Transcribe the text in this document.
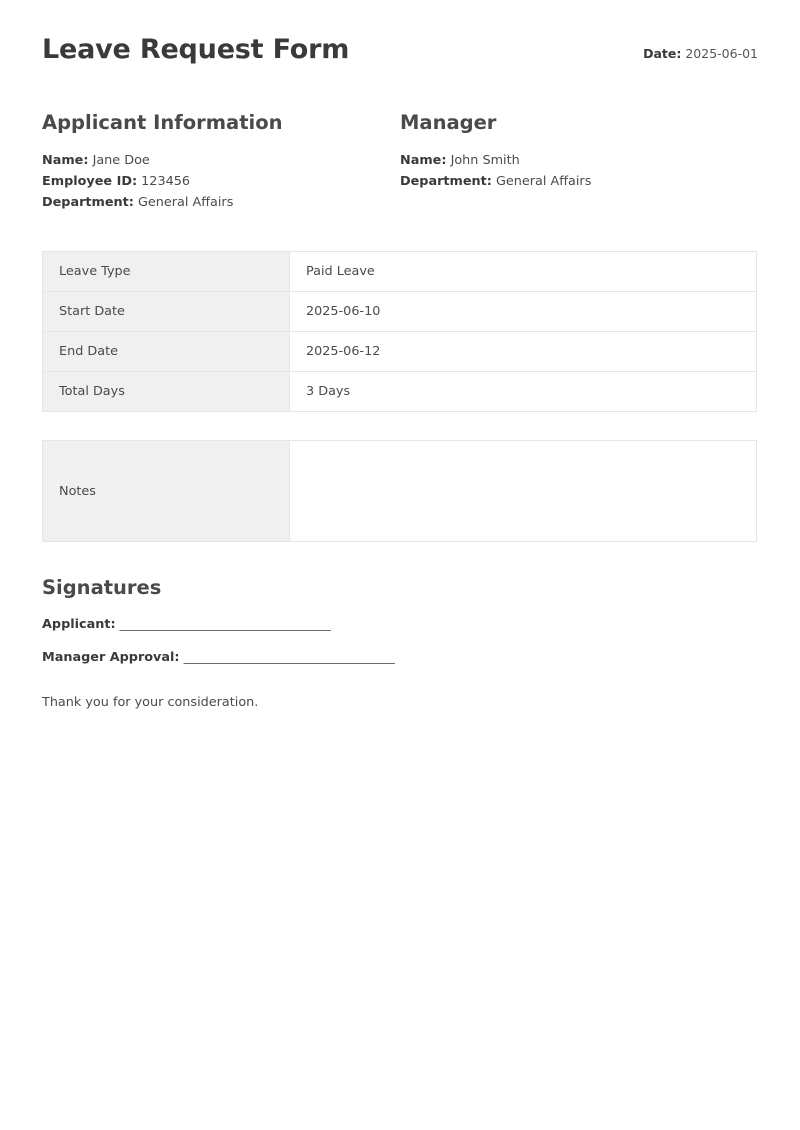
Leave Request Form	Date: 2025-06-01
Applicant Information
Name: Jane Doe
Employee ID: 123456
Department: General Affairs
Manager
Name: John Smith
Department: General Affairs
Leave Type	Paid Leave
Start Date	2025-06-10
End Date	2025-06-12
Total Days	3 Days
Notes	
Signatures
Applicant: _________________________________
Manager Approval: _________________________________
Thank you for your consideration.
